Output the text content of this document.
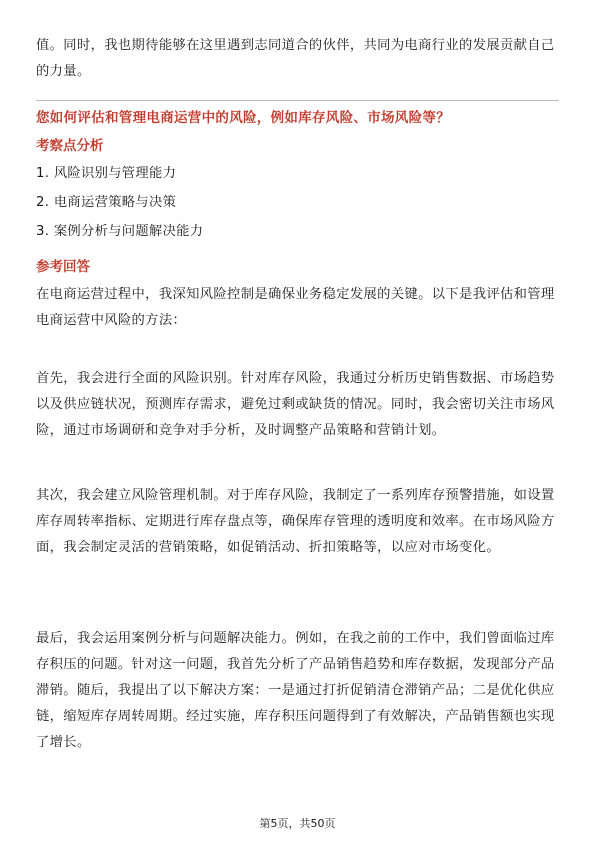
值。同时，我也期待能够在这里遇到志同道合的伙伴，共同为电商行业的发展贡献自己的力量。

您如何评估和管理电商运营中的风险，例如库存风险、市场风险等？

考察点分析

1. 风险识别与管理能力

2. 电商运营策略与决策

3. 案例分析与问题解决能力

参考回答

在电商运营过程中，我深知风险控制是确保业务稳定发展的关键。以下是我评估和管理电商运营中风险的方法：

首先，我会进行全面的风险识别。针对库存风险，我通过分析历史销售数据、市场趋势以及供应链状况，预测库存需求，避免过剩或缺货的情况。同时，我会密切关注市场风险，通过市场调研和竞争对手分析，及时调整产品策略和营销计划。

其次，我会建立风险管理机制。对于库存风险，我制定了一系列库存预警措施，如设置库存周转率指标、定期进行库存盘点等，确保库存管理的透明度和效率。在市场风险方面，我会制定灵活的营销策略，如促销活动、折扣策略等，以应对市场变化。

最后，我会运用案例分析与问题解决能力。例如，在我之前的工作中，我们曾面临过库存积压的问题。针对这一问题，我首先分析了产品销售趋势和库存数据，发现部分产品滞销。随后，我提出了以下解决方案：一是通过打折促销清仓滞销产品；二是优化供应链，缩短库存周转周期。经过实施，库存积压问题得到了有效解决，产品销售额也实现了增长。

第5页，共50页
